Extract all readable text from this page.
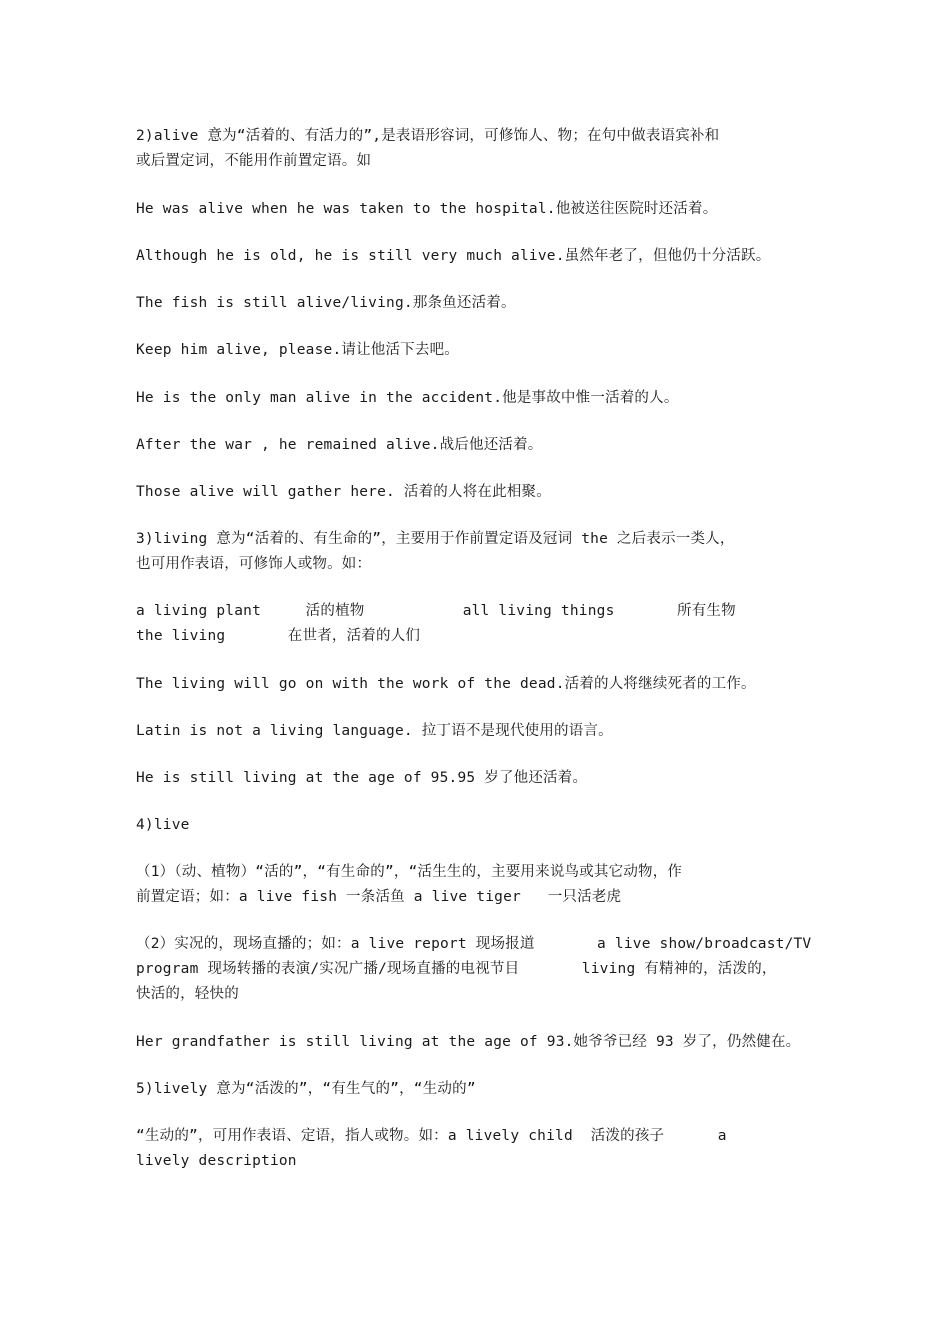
2)alive 意为“活着的、有活力的”,是表语形容词，可修饰人、物；在句中做表语宾补和
或后置定词，不能用作前置定语。如
He was alive when he was taken to the hospital.他被送往医院时还活着。
Although he is old, he is still very much alive.虽然年老了，但他仍十分活跃。
The fish is still alive/living.那条鱼还活着。
Keep him alive, please.请让他活下去吧。
He is the only man alive in the accident.他是事故中惟一活着的人。
After the war , he remained alive.战后他还活着。
Those alive will gather here. 活着的人将在此相聚。
3)living 意为“活着的、有生命的”，主要用于作前置定语及冠词 the 之后表示一类人，
也可用作表语，可修饰人或物。如：
a living plant     活的植物           all living things       所有生物
the living       在世者，活着的人们
The living will go on with the work of the dead.活着的人将继续死者的工作。
Latin is not a living language. 拉丁语不是现代使用的语言。
He is still living at the age of 95.95 岁了他还活着。
4)live
（1）（动、植物）“活的”，“有生命的”，“活生生的，主要用来说鸟或其它动物，作
前置定语；如：a live fish 一条活鱼 a live tiger   一只活老虎
（2）实况的，现场直播的；如：a live report 现场报道       a live show/broadcast/TV
program 现场转播的表演/实况广播/现场直播的电视节目       living 有精神的，活泼的，
快活的，轻快的
Her grandfather is still living at the age of 93.她爷爷已经 93 岁了，仍然健在。
5)lively 意为“活泼的”，“有生气的”，“生动的”
“生动的”，可用作表语、定语，指人或物。如：a lively child  活泼的孩子      a
lively description
